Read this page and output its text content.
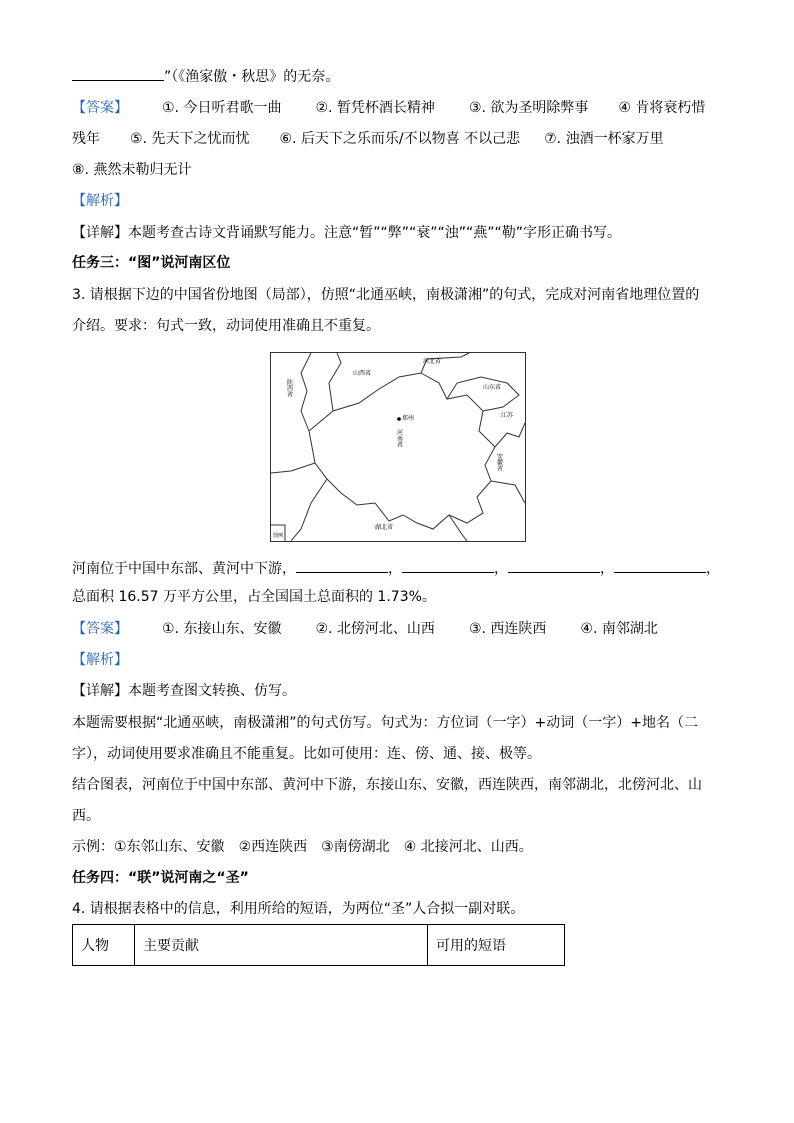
”（《渔家傲・秋思》的无奈。
【答案】 ①. 今日听君歌一曲 ②. 暂凭杯酒长精神 ③. 欲为圣明除弊事 ④ 肯将衰朽惜
残年 ⑤. 先天下之忧而忧 ⑥. 后天下之乐而乐/不以物喜 不以己悲 ⑦. 浊酒一杯家万里
⑧. 燕然未勒归无计
【解析】
【详解】本题考查古诗文背诵默写能力。注意“暂”“弊”“衰”“浊”“燕”“勒”字形正确书写。
任务三：“图”说河南区位
3. 请根据下边的中国省份地图（局部），仿照“北通巫峡，南极潇湘”的句式，完成对河南省地理位置的
介绍。要求：句式一致，动词使用准确且不重复。
山西省
河北省
山东省
郑州	江苏
湖北省
图例
陕西省
河南省
安徽省
河南位于中国中东部、黄河中下游，	，	，	，	，
总面积 16.57 万平方公里，占全国国土总面积的 1.73%。
【答案】 ①. 东接山东、安徽 ②. 北傍河北、山西 ③. 西连陕西 ④. 南邻湖北
【解析】
【详解】本题考查图文转换、仿写。
本题需要根据“北通巫峡，南极潇湘”的句式仿写。句式为：方位词（一字）+动词（一字）+地名（二
字），动词使用要求准确且不能重复。比如可使用：连、傍、通、接、极等。
结合图表，河南位于中国中东部、黄河中下游，东接山东、安徽，西连陕西，南邻湖北，北傍河北、山
西。
示例：①东邻山东、安徽 ②西连陕西 ③南傍湖北 ④ 北接河北、山西。
任务四：“联”说河南之“圣”
4. 请根据表格中的信息，利用所给的短语，为两位“圣”人合拟一副对联。
人物	主要贡献	可用的短语
